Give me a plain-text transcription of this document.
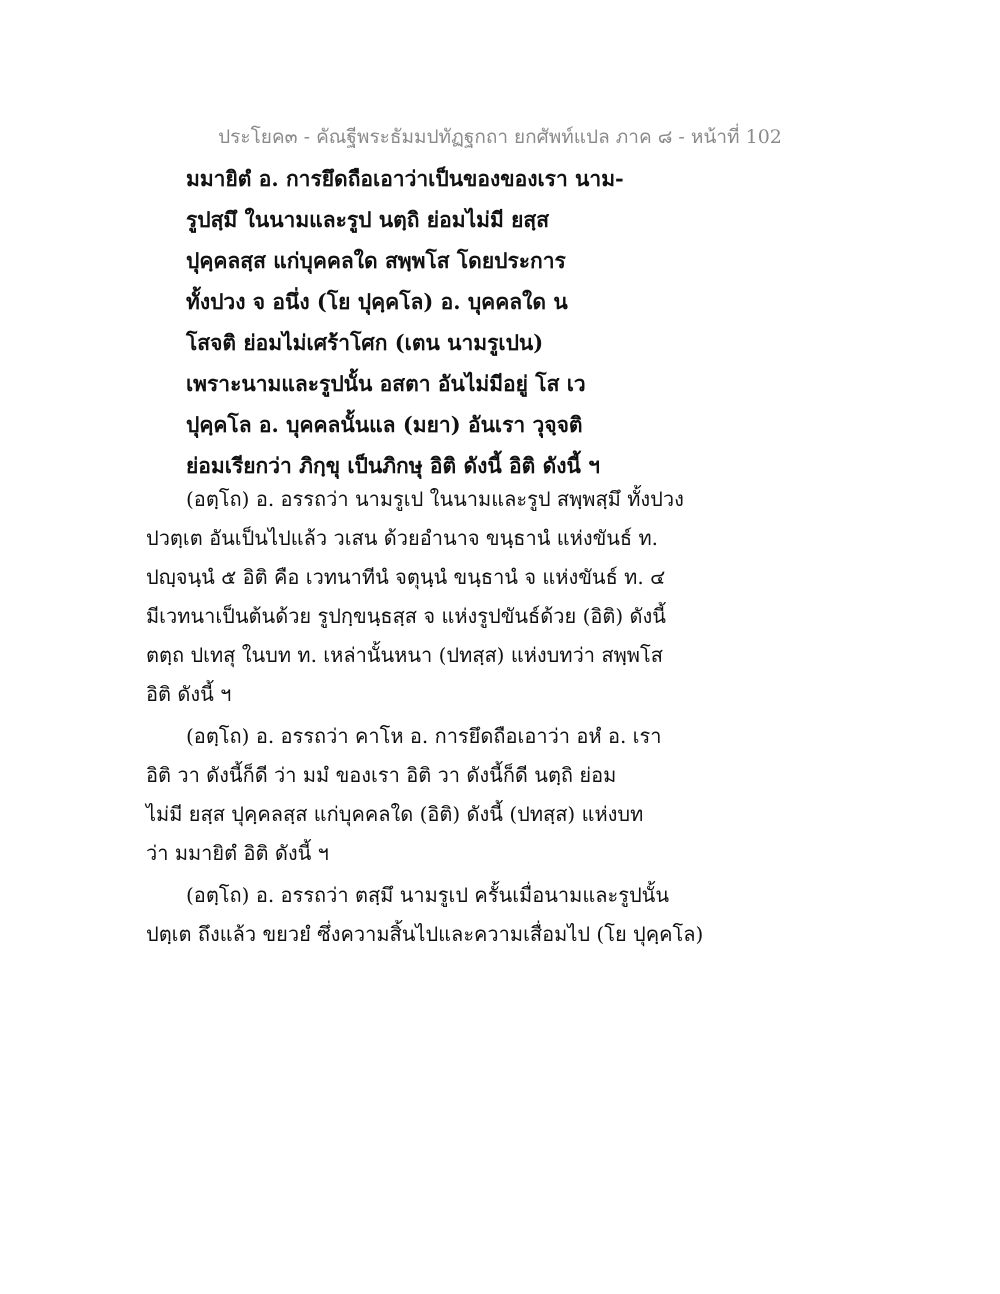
ประโยค๓ - คัณฐีพระธัมมปทัฏฐกถา ยกศัพท์แปล ภาค ๘ - หน้าที่ 102
มมายิตํ อ. การยึดถือเอาว่าเป็นของของเรา นาม-
รูปสฺมึ ในนามและรูป นตฺถิ ย่อมไม่มี ยสฺส
ปุคฺคลสฺส แก่บุคคลใด สพฺพโส โดยประการ
ทั้งปวง จ อนึ่ง (โย ปุคฺคโล) อ. บุคคลใด น
โสจติ ย่อมไม่เศร้าโศก (เตน นามรูเปน)
เพราะนามและรูปนั้น อสตา อันไม่มีอยู่ โส เว
ปุคฺคโล อ. บุคคลนั้นแล (มยา) อันเรา วุจฺจติ
ย่อมเรียกว่า ภิกฺขุ เป็นภิกษุ อิติ ดังนี้ อิติ ดังนี้ ฯ
(อตฺโถ) อ. อรรถว่า นามรูเป ในนามและรูป สพฺพสฺมึ ทั้งปวง
ปวตฺเต อันเป็นไปแล้ว วเสน ด้วยอำนาจ ขนฺธานํ แห่งขันธ์ ท.
ปญฺจนฺนํ ๕ อิติ คือ เวทนาทีนํ จตุนฺนํ ขนฺธานํ จ แห่งขันธ์ ท. ๔
มีเวทนาเป็นต้นด้วย รูปกฺขนฺธสฺส จ แห่งรูปขันธ์ด้วย (อิติ) ดังนี้
ตตฺถ ปเทสุ ในบท ท. เหล่านั้นหนา (ปทสฺส) แห่งบทว่า สพฺพโส
อิติ ดังนี้ ฯ
(อตฺโถ) อ. อรรถว่า คาโห อ. การยึดถือเอาว่า อหํ อ. เรา
อิติ วา ดังนี้ก็ดี ว่า มมํ ของเรา อิติ วา ดังนี้ก็ดี นตฺถิ ย่อม
ไม่มี ยสฺส ปุคฺคลสฺส แก่บุคคลใด (อิติ) ดังนี้ (ปทสฺส) แห่งบท
ว่า มมายิตํ อิติ ดังนี้ ฯ
(อตฺโถ) อ. อรรถว่า ตสฺมึ นามรูเป ครั้นเมื่อนามและรูปนั้น
ปตฺเต ถึงแล้ว ขยวยํ ซึ่งความสิ้นไปและความเสื่อมไป (โย ปุคฺคโล)
